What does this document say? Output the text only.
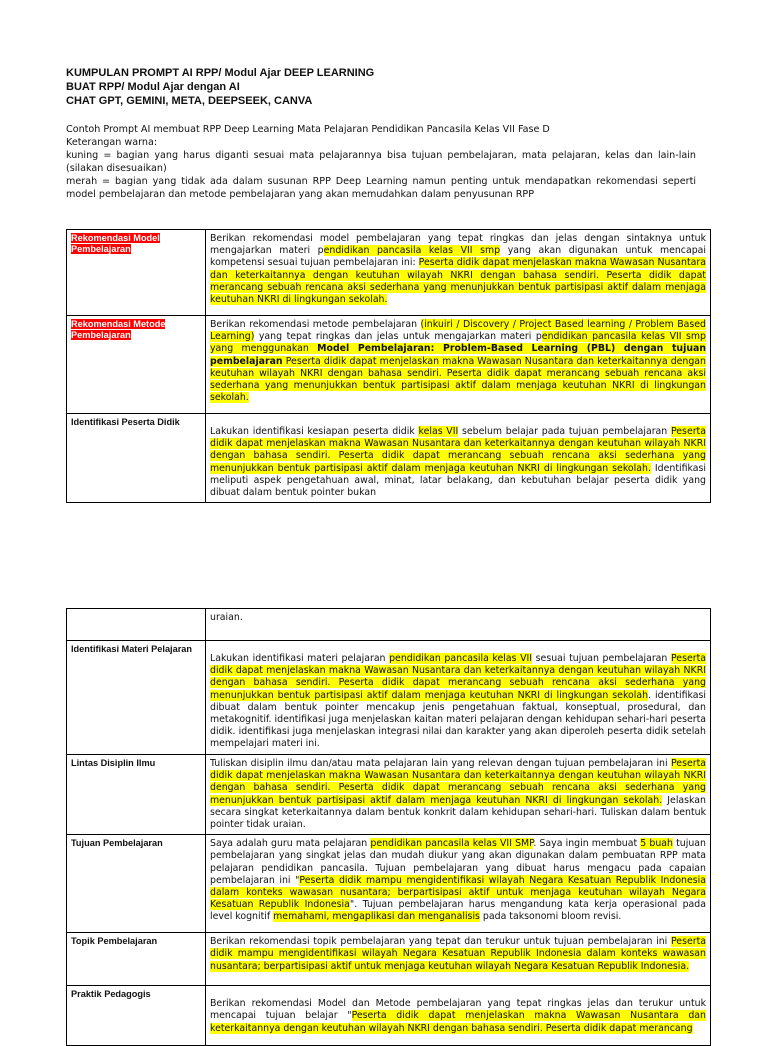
KUMPULAN PROMPT AI RPP/ Modul Ajar DEEP LEARNING

BUAT RPP/ Modul Ajar dengan AI

CHAT GPT, GEMINI, META, DEEPSEEK, CANVA

Contoh Prompt AI membuat RPP Deep Learning Mata Pelajaran Pendidikan Pancasila Kelas VII Fase D

Keterangan warna:

kuning = bagian yang harus diganti sesuai mata pelajarannya bisa tujuan pembelajaran, mata pelajaran, kelas dan lain-lain (silakan disesuaikan)

merah = bagian yang tidak ada dalam susunan RPP Deep Learning namun penting untuk mendapatkan rekomendasi seperti model pembelajaran dan metode pembelajaran yang akan memudahkan dalam penyusunan RPP

Rekomendasi Model Pembelajaran	Berikan rekomendasi model pembelajaran yang tepat ringkas dan jelas dengan sintaknya untuk mengajarkan materi pendidikan pancasila kelas VII smp yang akan digunakan untuk mencapai kompetensi sesuai tujuan pembelajaran ini: Peserta didik dapat menjelaskan makna Wawasan Nusantara dan keterkaitannya dengan keutuhan wilayah NKRI dengan bahasa sendiri. Peserta didik dapat merancang sebuah rencana aksi sederhana yang menunjukkan bentuk partisipasi aktif dalam menjaga keutuhan NKRI di lingkungan sekolah.
Rekomendasi Metode Pembelajaran	Berikan rekomendasi metode pembelajaran (inkuiri / Discovery / Project Based learning / Problem Based Learning) yang tepat ringkas dan jelas untuk mengajarkan materi pendidikan pancasila kelas VII smp yang menggunakan Model Pembelajaran: Problem-Based Learning (PBL) dengan tujuan pembelajaran Peserta didik dapat menjelaskan makna Wawasan Nusantara dan keterkaitannya dengan keutuhan wilayah NKRI dengan bahasa sendiri. Peserta didik dapat merancang sebuah rencana aksi sederhana yang menunjukkan bentuk partisipasi aktif dalam menjaga keutuhan NKRI di lingkungan sekolah.
Identifikasi Peserta Didik	Lakukan identifikasi kesiapan peserta didik kelas VII sebelum belajar pada tujuan pembelajaran Peserta didik dapat menjelaskan makna Wawasan Nusantara dan keterkaitannya dengan keutuhan wilayah NKRI dengan bahasa sendiri. Peserta didik dapat merancang sebuah rencana aksi sederhana yang menunjukkan bentuk partisipasi aktif dalam menjaga keutuhan NKRI di lingkungan sekolah. Identifikasi meliputi aspek pengetahuan awal, minat, latar belakang, dan kebutuhan belajar peserta didik yang dibuat dalam bentuk pointer bukan
	uraian.
Identifikasi Materi Pelajaran	Lakukan identifikasi materi pelajaran pendidikan pancasila kelas VII sesuai tujuan pembelajaran Peserta didik dapat menjelaskan makna Wawasan Nusantara dan keterkaitannya dengan keutuhan wilayah NKRI dengan bahasa sendiri. Peserta didik dapat merancang sebuah rencana aksi sederhana yang menunjukkan bentuk partisipasi aktif dalam menjaga keutuhan NKRI di lingkungan sekolah. identifikasi dibuat dalam bentuk pointer mencakup jenis pengetahuan faktual, konseptual, prosedural, dan metakognitif. identifikasi juga menjelaskan kaitan materi pelajaran dengan kehidupan sehari-hari peserta didik. identifikasi juga menjelaskan integrasi nilai dan karakter yang akan diperoleh peserta didik setelah mempelajari materi ini.
Lintas Disiplin Ilmu	Tuliskan disiplin ilmu dan/atau mata pelajaran lain yang relevan dengan tujuan pembelajaran ini Peserta didik dapat menjelaskan makna Wawasan Nusantara dan keterkaitannya dengan keutuhan wilayah NKRI dengan bahasa sendiri. Peserta didik dapat merancang sebuah rencana aksi sederhana yang menunjukkan bentuk partisipasi aktif dalam menjaga keutuhan NKRI di lingkungan sekolah. Jelaskan secara singkat keterkaitannya dalam bentuk konkrit dalam kehidupan sehari-hari. Tuliskan dalam bentuk pointer tidak uraian.
Tujuan Pembelajaran	Saya adalah guru mata pelajaran pendidikan pancasila kelas VII SMP. Saya ingin membuat 5 buah tujuan pembelajaran yang singkat jelas dan mudah diukur yang akan digunakan dalam pembuatan RPP mata pelajaran pendidikan pancasila. Tujuan pembelajaran yang dibuat harus mengacu pada capaian pembelajaran ini "Peserta didik mampu mengidentifikasi wilayah Negara Kesatuan Republik Indonesia dalam konteks wawasan nusantara; berpartisipasi aktif untuk menjaga keutuhan wilayah Negara Kesatuan Republik Indonesia". Tujuan pembelajaran harus mengandung kata kerja operasional pada level kognitif memahami, mengaplikasi dan menganalisis pada taksonomi bloom revisi.
Topik Pembelajaran	Berikan rekomendasi topik pembelajaran yang tepat dan terukur untuk tujuan pembelajaran ini Peserta didik mampu mengidentifikasi wilayah Negara Kesatuan Republik Indonesia dalam konteks wawasan nusantara; berpartisipasi aktif untuk menjaga keutuhan wilayah Negara Kesatuan Republik Indonesia.
Praktik Pedagogis	Berikan rekomendasi Model dan Metode pembelajaran yang tepat ringkas jelas dan terukur untuk mencapai tujuan belajar "Peserta didik dapat menjelaskan makna Wawasan Nusantara dan keterkaitannya dengan keutuhan wilayah NKRI dengan bahasa sendiri. Peserta didik dapat merancang
